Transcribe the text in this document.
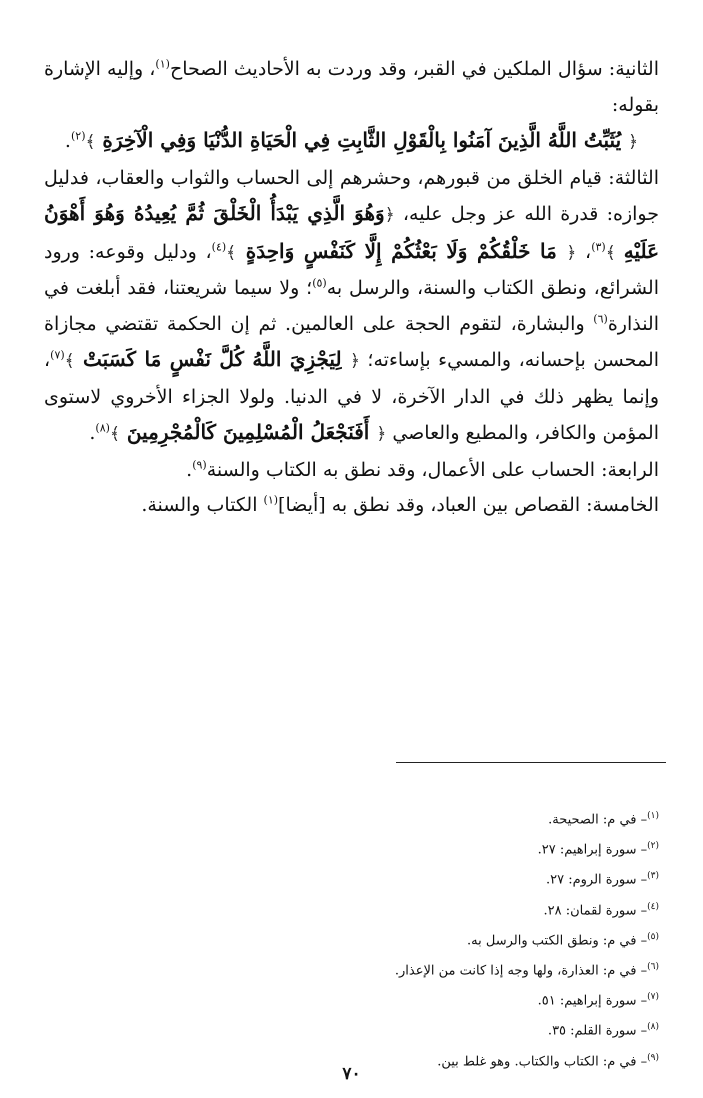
الثانية: سؤال الملكين في القبر، وقد وردت به الأحاديث الصحاح$^{(١)}$، وإليه الإشارة بقوله:

﴿ يُثَبِّتُ اللَّهُ الَّذِينَ آمَنُوا بِالْقَوْلِ الثَّابِتِ فِي الْحَيَاةِ الدُّنْيَا وَفِي الْآخِرَةِ ﴾$^{(٢)}$.

الثالثة: قيام الخلق من قبورهم، وحشرهم إلى الحساب والثواب والعقاب، فدليل جوازه: قدرة الله عز وجل عليه، ﴿وَهُوَ الَّذِي يَبْدَأُ الْخَلْقَ ثُمَّ يُعِيدُهُ وَهُوَ أَهْوَنُ عَلَيْهِ ﴾$^{(٣)}$، ﴿ مَا خَلْقُكُمْ وَلَا بَعْثُكُمْ إِلَّا كَنَفْسٍ وَاحِدَةٍ ﴾$^{(٤)}$، ودليل وقوعه: ورود الشرائع، ونطق الكتاب والسنة، والرسل به$^{(٥)}$؛ ولا سيما شريعتنا، فقد أبلغت في النذارة$^{(٦)}$ والبشارة، لتقوم الحجة على العالمين. ثم إن الحكمة تقتضي مجازاة المحسن بإحسانه، والمسيء بإساءته؛ ﴿ لِيَجْزِيَ اللَّهُ كُلَّ نَفْسٍ مَا كَسَبَتْ ﴾$^{(٧)}$، وإنما يظهر ذلك في الدار الآخرة، لا في الدنيا. ولولا الجزاء الأخروي لاستوى المؤمن والكافر، والمطيع والعاصي ﴿ أَفَنَجْعَلُ الْمُسْلِمِينَ كَالْمُجْرِمِينَ ﴾$^{(٨)}$.

الرابعة: الحساب على الأعمال، وقد نطق به الكتاب والسنة$^{(٩)}$.

الخامسة: القصاص بين العباد، وقد نطق به [أيضا]$^{(١)}$ الكتاب والسنة.

$^{(١)}$– في م: الصحيحة.
$^{(٢)}$– سورة إبراهيم: ٢٧.
$^{(٣)}$– سورة الروم: ٢٧.
$^{(٤)}$– سورة لقمان: ٢٨.
$^{(٥)}$– في م: ونطق الكتب والرسل به.
$^{(٦)}$– في م: العذارة، ولها وجه إذا كانت من الإعذار.
$^{(٧)}$– سورة إبراهيم: ٥١.
$^{(٨)}$– سورة القلم: ٣٥.
$^{(٩)}$– في م: الكتاب والكتاب. وهو غلط بين.
٧٠
